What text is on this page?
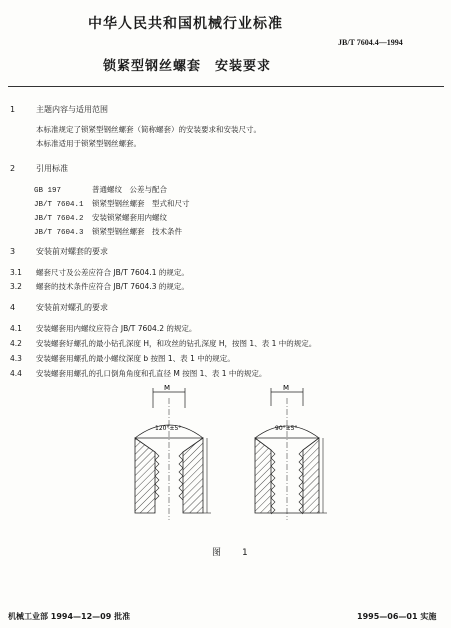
中华人民共和国机械行业标准
JB/T 7604.4—1994
锁紧型钢丝螺套　安装要求
1	主题内容与适用范围
本标准规定了锁紧型钢丝螺套（简称螺套）的安装要求和安装尺寸。
本标准适用于锁紧型钢丝螺套。
2	引用标准
GB 197	普通螺纹　公差与配合
JB/T 7604.1 锁紧型钢丝螺套　型式和尺寸
JB/T 7604.2 安装锁紧螺套用内螺纹
JB/T 7604.3 锁紧型钢丝螺套　技术条件
3	安装前对螺套的要求
3.1 螺套尺寸及公差应符合 JB/T 7604.1 的规定。
3.2 螺套的技术条件应符合 JB/T 7604.3 的规定。
4	安装前对螺孔的要求
4.1 安装螺套用内螺纹应符合 JB/T 7604.2 的规定。
4.2 安装螺套好螺孔的最小钻孔深度 H，和攻丝的钻孔深度 H，按图 1、表 1 中的规定。
4.3 安装螺套用螺孔的最小螺纹深度 b 按图 1、表 1 中的规定。
4.4 安装螺套用螺孔的孔口倒角角度和孔直径 M 按图 1、表 1 中的规定。
M
120°±5°
M
90°±5°
图　1
机械工业部 1994—12—09 批准	1995—06—01 实施
